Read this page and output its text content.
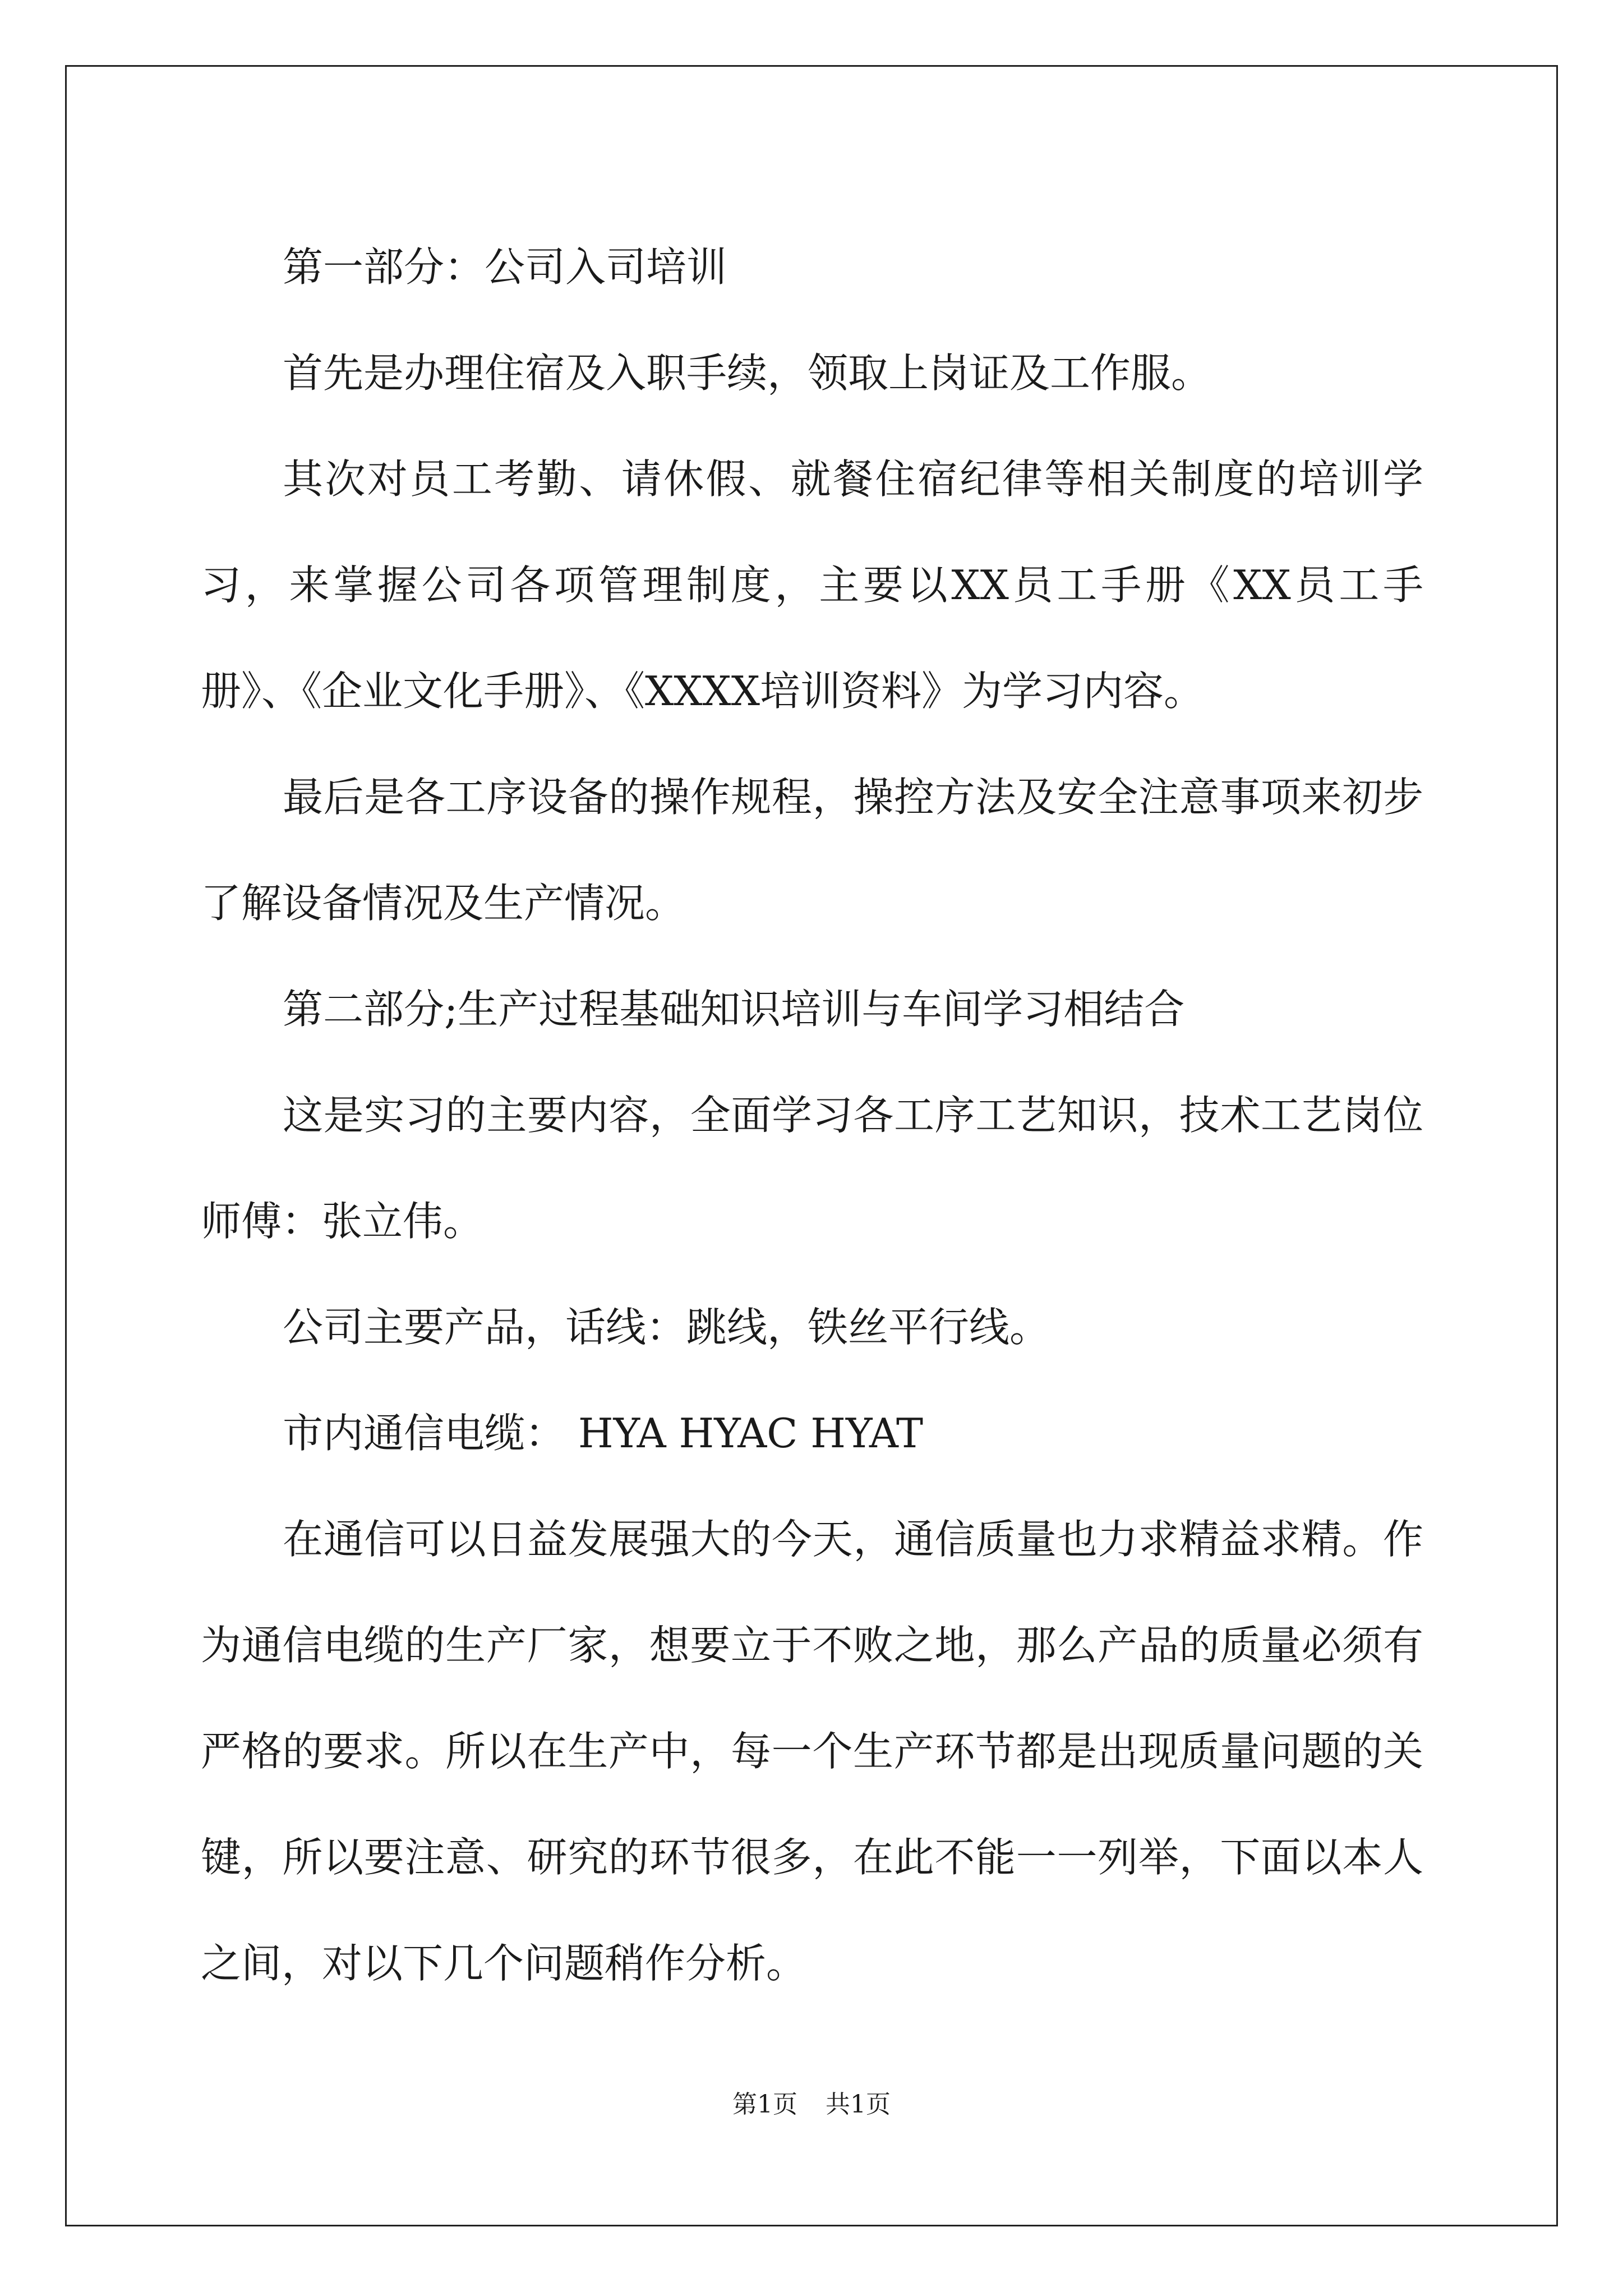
第一部分：公司入司培训

首先是办理住宿及入职手续，领取上岗证及工作服。

其次对员工考勤、请休假、就餐住宿纪律等相关制度的培训学习，来掌握公司各项管理制度，主要以XX员工手册《XX员工手册》、《企业文化手册》、《XXXX培训资料》为学习内容。

最后是各工序设备的操作规程，操控方法及安全注意事项来初步了解设备情况及生产情况。

第二部分;生产过程基础知识培训与车间学习相结合

这是实习的主要内容，全面学习各工序工艺知识，技术工艺岗位师傅：张立伟。

公司主要产品，话线：跳线，铁丝平行线。

市内通信电缆： HYA HYAC HYAT

在通信可以日益发展强大的今天，通信质量也力求精益求精。作为通信电缆的生产厂家，想要立于不败之地，那么产品的质量必须有严格的要求。所以在生产中，每一个生产环节都是出现质量问题的关键，所以要注意、研究的环节很多，在此不能一一列举，下面以本人之间，对以下几个问题稍作分析。

第1页 共1页
